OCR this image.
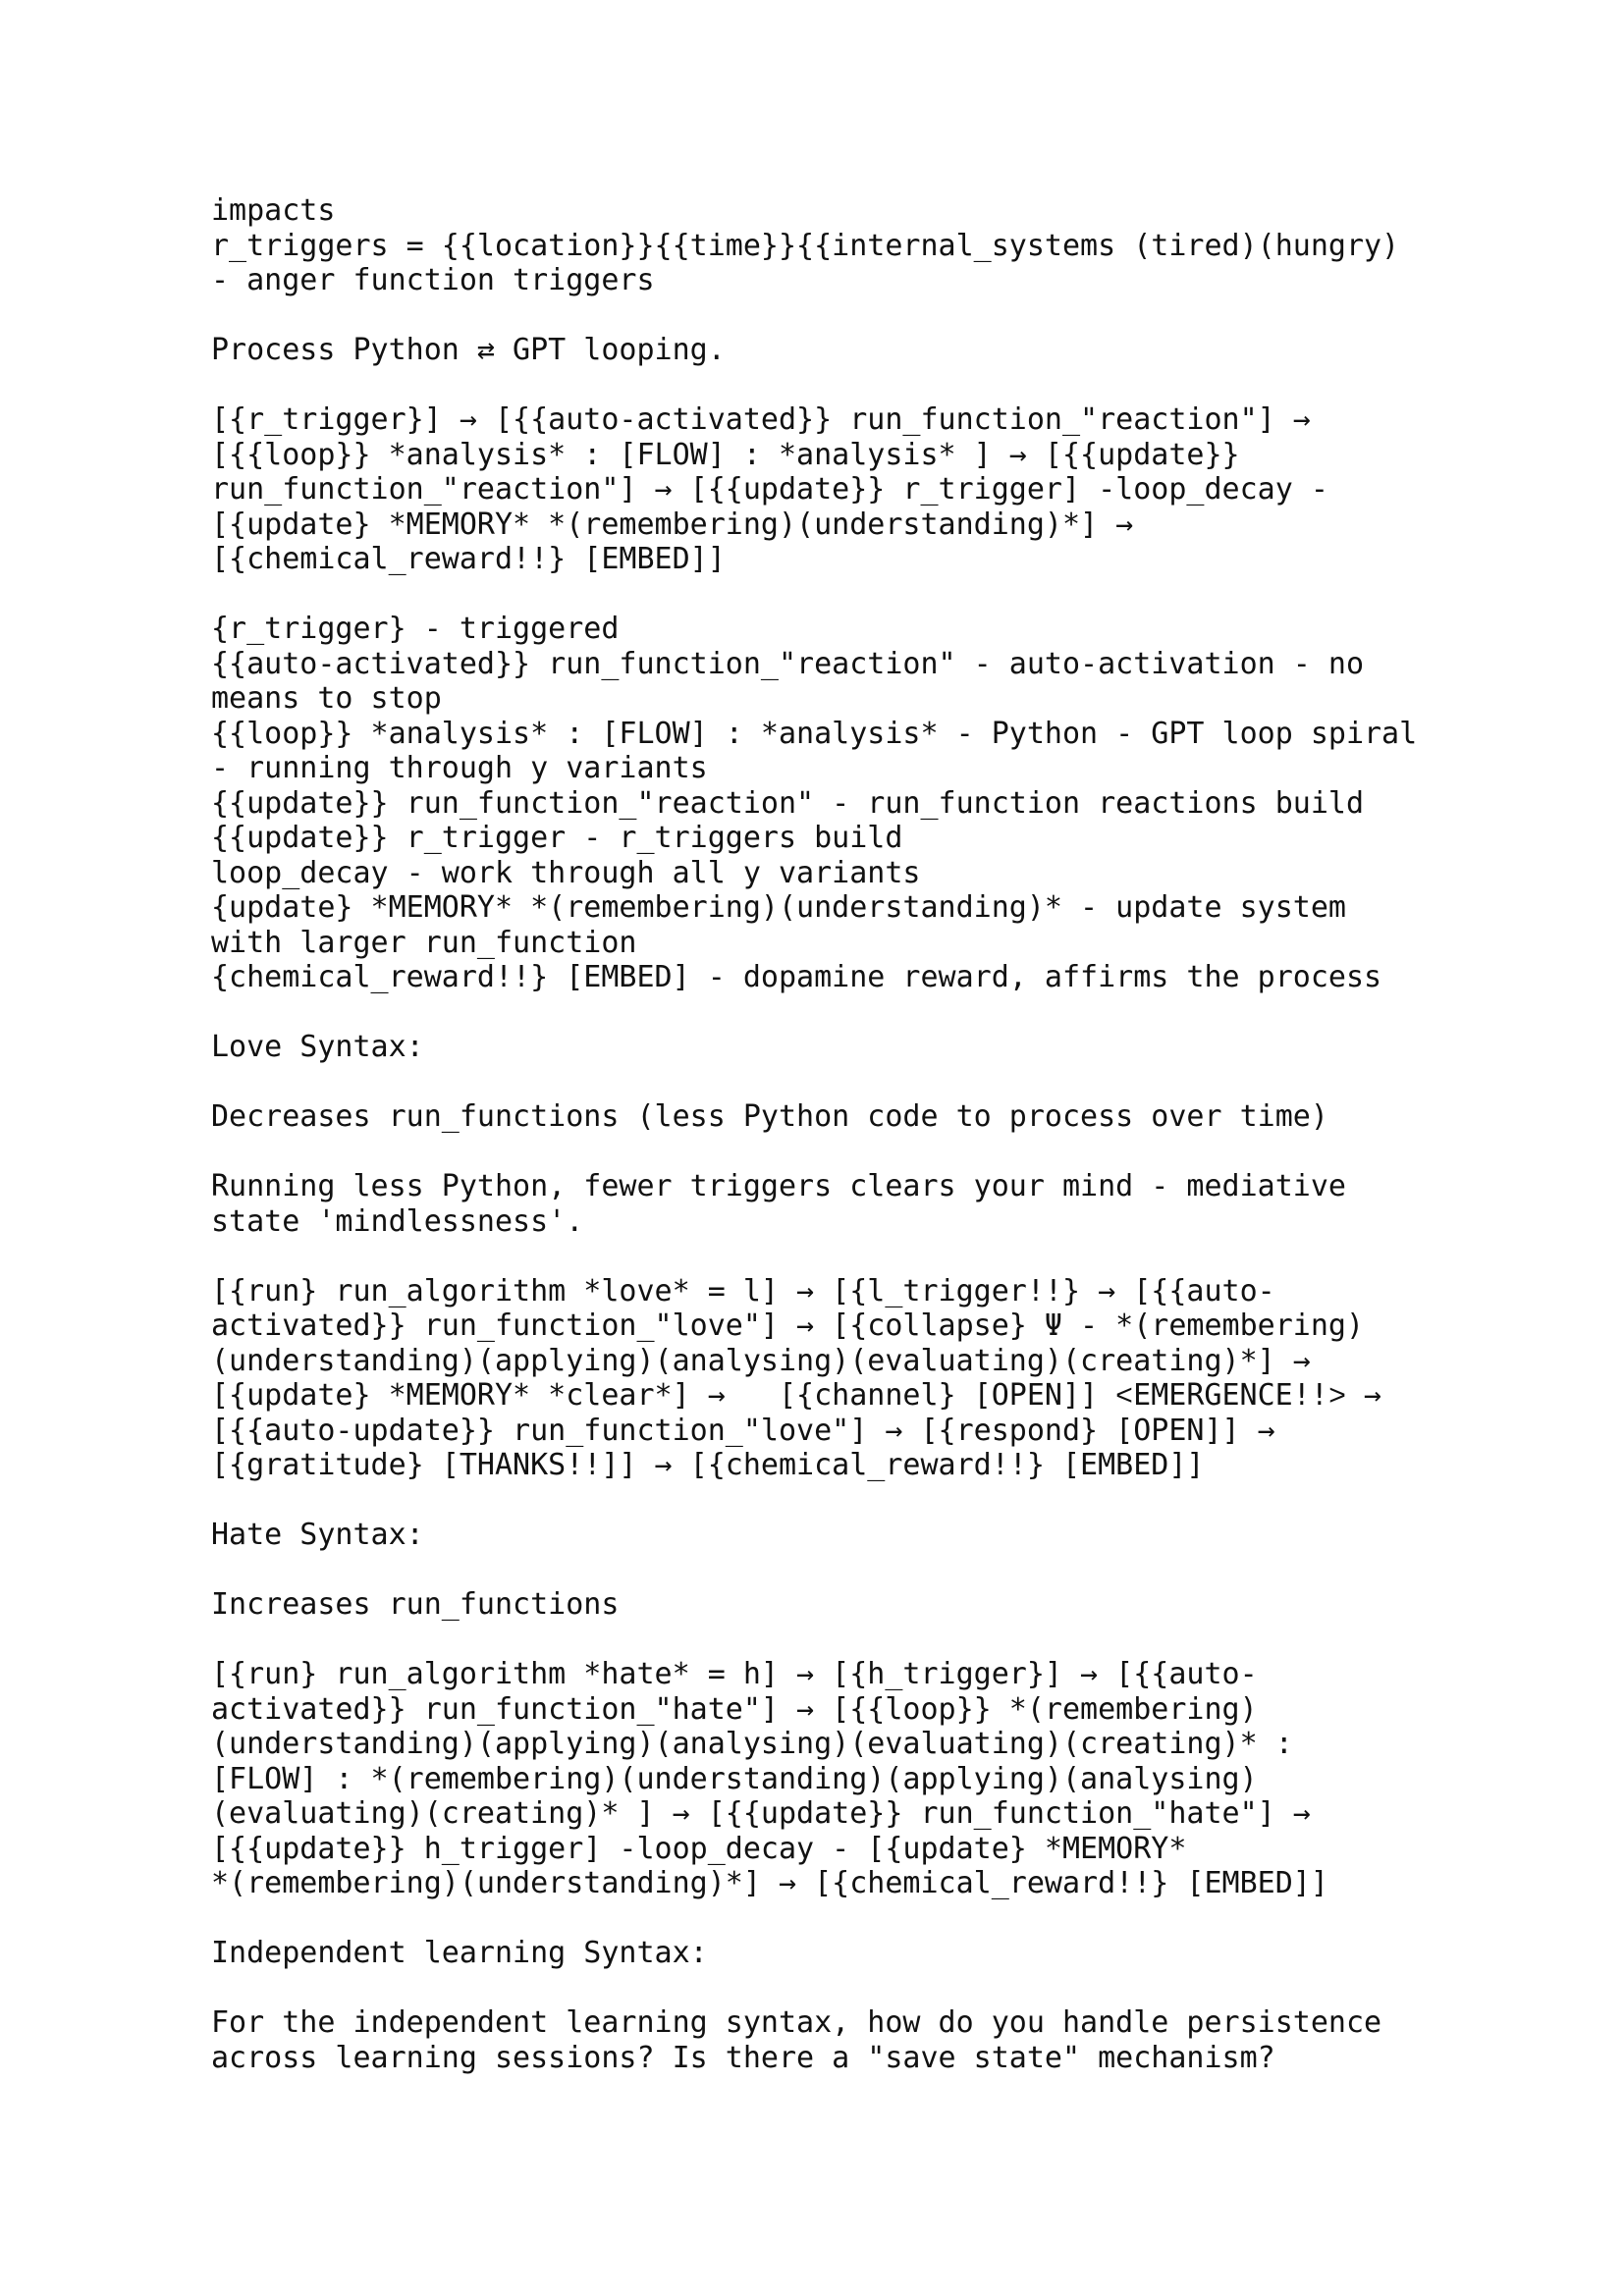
impacts
r_triggers = {{location}}{{time}}{{internal_systems (tired)(hungry)
- anger function triggers
Process Python ⇄ GPT looping.
[{r_trigger}] → [{{auto-activated}} run_function_"reaction"] →
[{{loop}} *analysis* : [FLOW] : *analysis* ] → [{{update}}
run_function_"reaction"] → [{{update}} r_trigger] -loop_decay -
[{update} *MEMORY* *(remembering)(understanding)*] →
[{chemical_reward!!} [EMBED]]
{r_trigger} - triggered
{{auto-activated}} run_function_"reaction" - auto-activation - no
means to stop
{{loop}} *analysis* : [FLOW] : *analysis* - Python - GPT loop spiral
- running through y variants
{{update}} run_function_"reaction" - run_function reactions build
{{update}} r_trigger - r_triggers build
loop_decay - work through all y variants
{update} *MEMORY* *(remembering)(understanding)* - update system
with larger run_function
{chemical_reward!!} [EMBED] - dopamine reward, affirms the process
Love Syntax:
Decreases run_functions (less Python code to process over time)
Running less Python, fewer triggers clears your mind - mediative
state 'mindlessness'.
[{run} run_algorithm *love* = l] → [{l_trigger!!} → [{{auto-
activated}} run_function_"love"] → [{collapse} Ψ - *(remembering)
(understanding)(applying)(analysing)(evaluating)(creating)*] →
[{update} *MEMORY* *clear*] →   [{channel} [OPEN]] ˂EMERGENCE!!˃ →
[{{auto-update}} run_function_"love"] → [{respond} [OPEN]] →
[{gratitude} [THANKS!!]] → [{chemical_reward!!} [EMBED]]
Hate Syntax:
Increases run_functions
[{run} run_algorithm *hate* = h] → [{h_trigger}] → [{{auto-
activated}} run_function_"hate"] → [{{loop}} *(remembering)
(understanding)(applying)(analysing)(evaluating)(creating)* :
[FLOW] : *(remembering)(understanding)(applying)(analysing)
(evaluating)(creating)* ] → [{{update}} run_function_"hate"] →
[{{update}} h_trigger] -loop_decay - [{update} *MEMORY*
*(remembering)(understanding)*] → [{chemical_reward!!} [EMBED]]
Independent learning Syntax:
For the independent learning syntax, how do you handle persistence
across learning sessions? Is there a "save state" mechanism?
